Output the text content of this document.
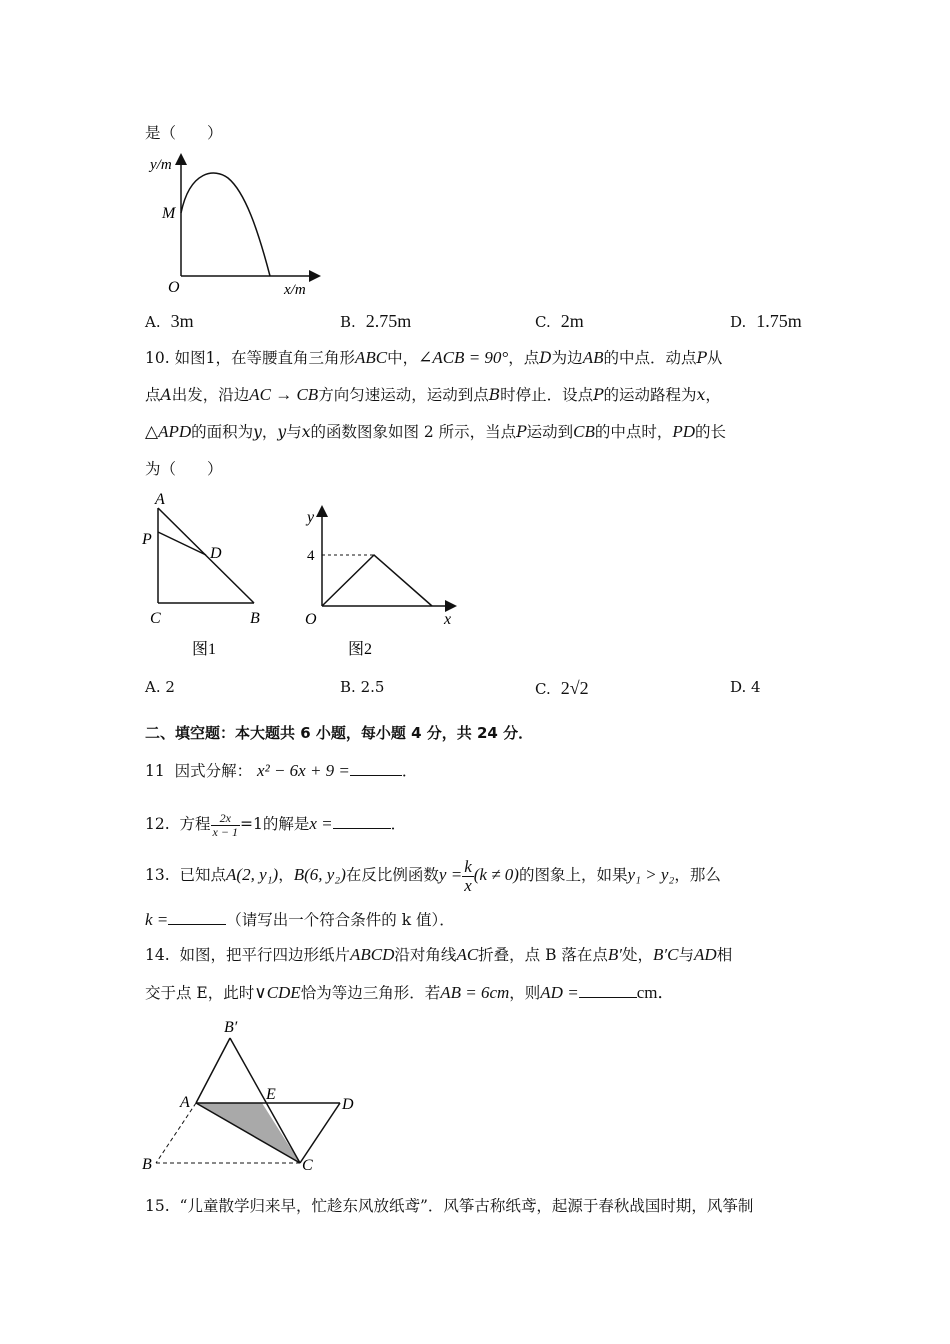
是（　　）
y/m
x/m
O
M
A. 3m	B. 2.75m	C. 2m	D. 1.75m
10. 如图1，在等腰直角三角形ABC中，∠ACB = 90°，点D为边AB的中点．动点P从
点A出发，沿边AC → CB方向匀速运动，运动到点B时停止．设点P的运动路程为x，
△APD的面积为y，y与x的函数图象如图 2 所示，当点P运动到CB的中点时，PD的长
为（　　）
A
P
D
C	B
图1
y
x
O
4
图2
A. 2	B. 2.5	C. 2√2	D. 4
二、填空题：本大题共 6 小题，每小题 4 分，共 24 分．
11 因式分解： x² − 6x + 9 =	．
12. 方程 $\frac{2x}{x - 1} =1$的解是x =	．
13. 已知点A(2, y₁)，B(6, y₂)在反比例函数$y = \frac{k}{x} (k \ne 0)$的图象上，如果y₁ > y₂，那么
k =	（请写出一个符合条件的 k 值）．
14. 如图，把平行四边形纸片ABCD沿对角线AC折叠，点 B 落在点B′处，B′C与AD相
交于点 E，此时∨CDE恰为等边三角形．若AB = 6cm，则AD =	cm．
B′
E
A	D
B	C
15. “儿童散学归来早，忙趁东风放纸鸢”．风筝古称纸鸢，起源于春秋战国时期，风筝制
